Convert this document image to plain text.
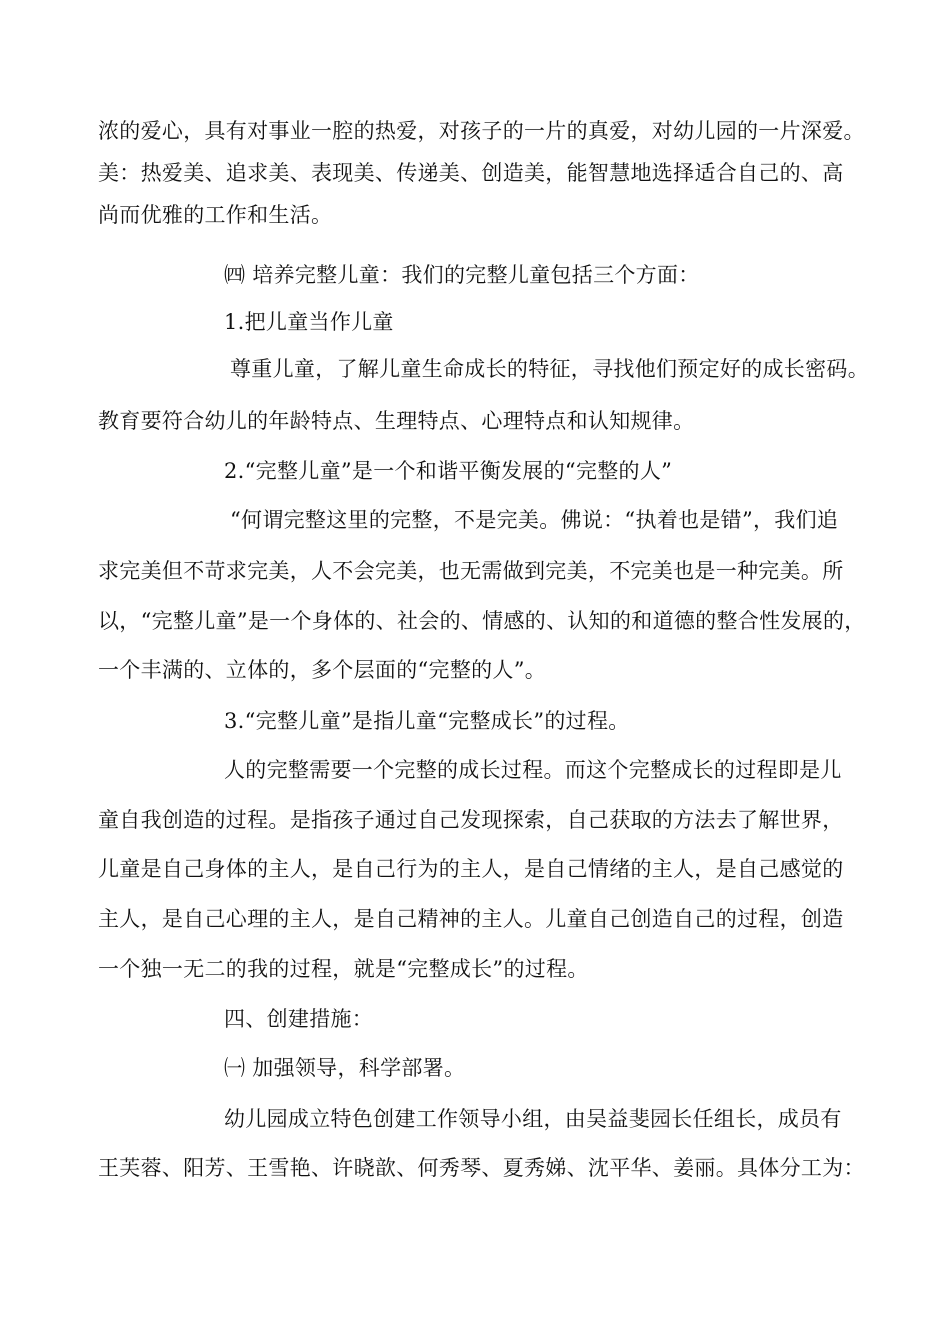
浓的爱心，具有对事业一腔的热爱，对孩子的一片的真爱，对幼儿园的一片深爱。
美：热爱美、追求美、表现美、传递美、创造美，能智慧地选择适合自己的、高
尚而优雅的工作和生活。
㈣ 培养完整儿童：我们的完整儿童包括三个方面：
1.把儿童当作儿童
尊重儿童，了解儿童生命成长的特征，寻找他们预定好的成长密码。
教育要符合幼儿的年龄特点、生理特点、心理特点和认知规律。
2.“完整儿童”是一个和谐平衡发展的“完整的人”
“何谓完整这里的完整，不是完美。佛说：“执着也是错”，我们追
求完美但不苛求完美，人不会完美，也无需做到完美，不完美也是一种完美。所
以，“完整儿童”是一个身体的、社会的、情感的、认知的和道德的整合性发展的，
一个丰满的、立体的，多个层面的“完整的人”。
3.“完整儿童”是指儿童“完整成长”的过程。
人的完整需要一个完整的成长过程。而这个完整成长的过程即是儿
童自我创造的过程。是指孩子通过自己发现探索，自己获取的方法去了解世界，
儿童是自己身体的主人，是自己行为的主人，是自己情绪的主人，是自己感觉的
主人，是自己心理的主人，是自己精神的主人。儿童自己创造自己的过程，创造
一个独一无二的我的过程，就是“完整成长”的过程。
四、创建措施：
㈠ 加强领导，科学部署。
幼儿园成立特色创建工作领导小组，由吴益斐园长任组长，成员有
王芙蓉、阳芳、王雪艳、许晓歆、何秀琴、夏秀娣、沈平华、姜丽。具体分工为：
